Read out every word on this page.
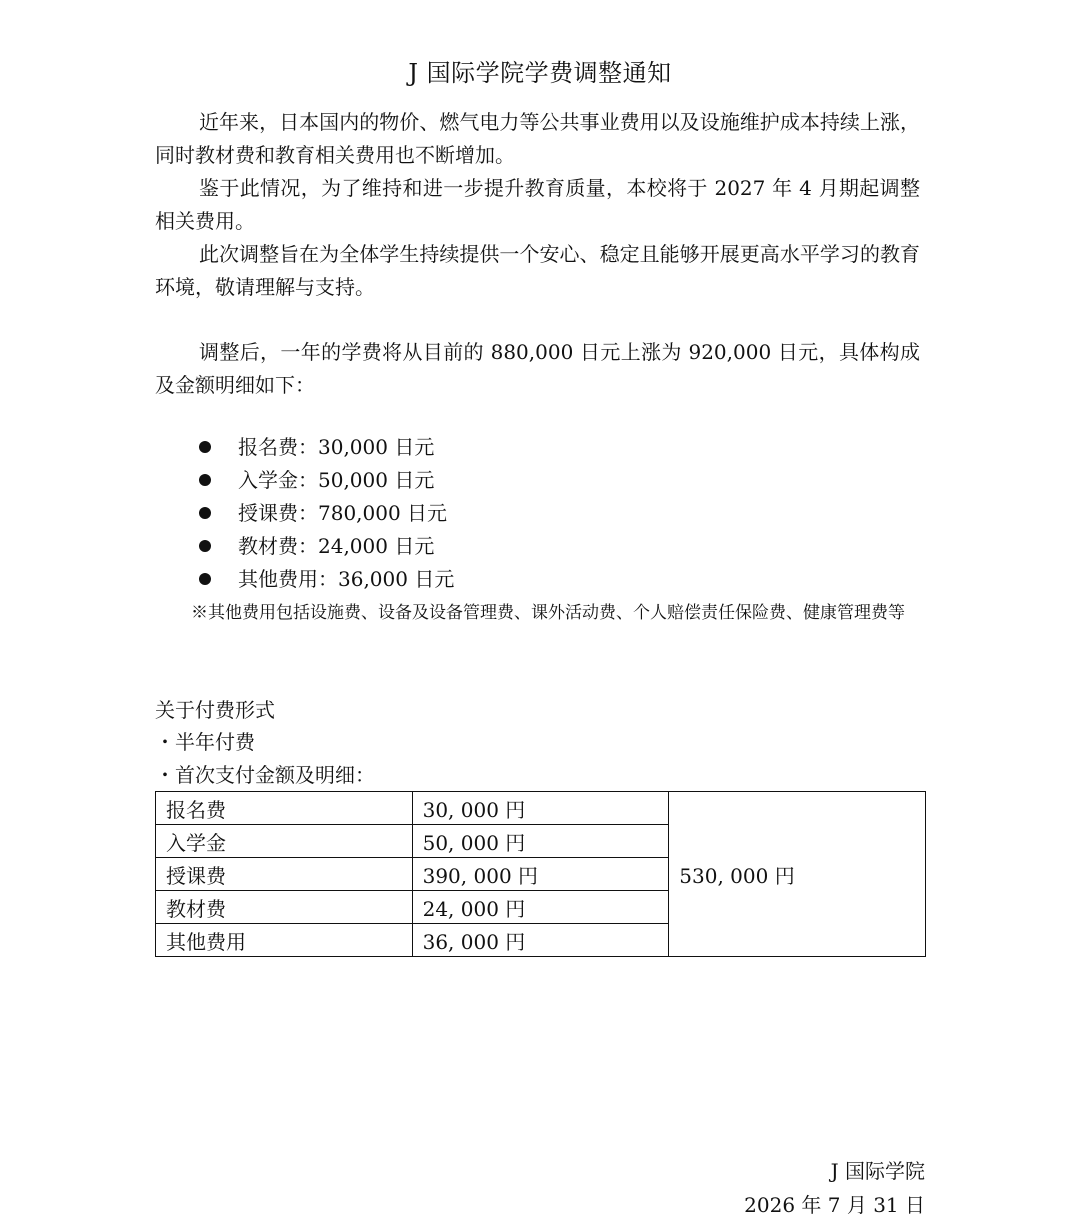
J 国际学院学费调整通知

近年来，日本国内的物价、燃气电力等公共事业费用以及设施维护成本持续上涨，同时教材费和教育相关费用也不断增加。

鉴于此情况，为了维持和进一步提升教育质量，本校将于 2027 年 4 月期起调整相关费用。

此次调整旨在为全体学生持续提供一个安心、稳定且能够开展更高水平学习的教育环境，敬请理解与支持。

调整后，一年的学费将从目前的 880,000 日元上涨为 920,000 日元，具体构成及金额明细如下：

报名费：30,000 日元
入学金：50,000 日元
授课费：780,000 日元
教材费：24,000 日元
其他费用：36,000 日元

※其他费用包括设施费、设备及设备管理费、课外活动费、个人赔偿责任保险费、健康管理费等

关于付费形式
・半年付费
・首次支付金额及明细：
报名费	30, 000 円	530, 000 円
入学金	50, 000 円	
授课费	390, 000 円	
教材费	24, 000 円	
其他费用	36, 000 円	
J 国际学院
2026 年 7 月 31 日
